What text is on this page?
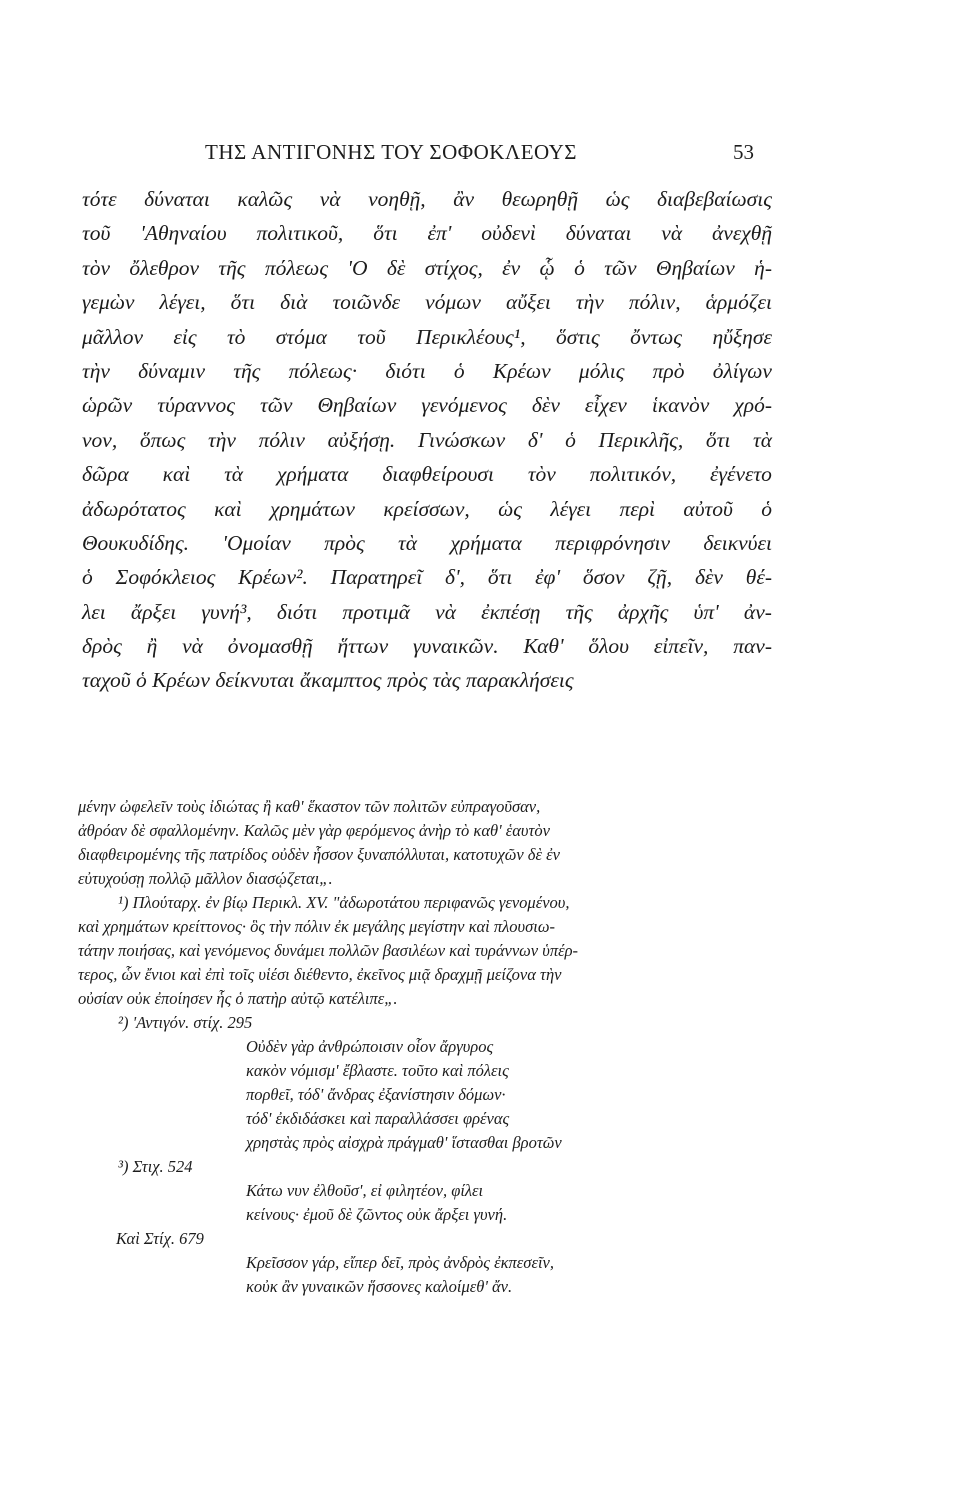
ΤΗΣ ΑΝΤΙΓΟΝΗΣ ΤΟΥ ΣΟΦΟΚΛΕΟΥΣ	53
τότε δύναται καλῶς νὰ νοηθῇ, ἂν θεωρηθῇ ὡς διαβεβαίωσις
τοῦ 'Αθηναίου πολιτικοῦ, ὅτι ἐπ' οὐδενὶ δύναται νὰ ἀνεχθῇ
τὸν ὄλεθρον τῆς πόλεως 'Ο δὲ στίχος, ἐν ᾧ ὁ τῶν Θηβαίων ἡ-
γεμὼν λέγει, ὅτι διὰ τοιῶνδε νόμων αὔξει τὴν πόλιν, ἁρμόζει
μᾶλλον εἰς τὸ στόμα τοῦ Περικλέους¹, ὅστις ὄντως ηὔξησε
τὴν δύναμιν τῆς πόλεως· διότι ὁ Κρέων μόλις πρὸ ὀλίγων
ὡρῶν τύραννος τῶν Θηβαίων γενόμενος δὲν εἶχεν ἱκανὸν χρό-
νον, ὅπως τὴν πόλιν αὐξήσῃ. Γινώσκων δ' ὁ Περικλῆς, ὅτι τὰ
δῶρα καὶ τὰ χρήματα διαφθείρουσι τὸν πολιτικόν, ἐγένετο
ἀδωρότατος καὶ χρημάτων κρείσσων, ὡς λέγει περὶ αὐτοῦ ὁ
Θουκυδίδης. 'Ομοίαν πρὸς τὰ χρήματα περιφρόνησιν δεικνύει
ὁ Σοφόκλειος Κρέων². Παρατηρεῖ δ', ὅτι ἐφ' ὅσον ζῇ, δὲν θέ-
λει ἄρξει γυνή³, διότι προτιμᾶ νὰ ἐκπέσῃ τῆς ἀρχῆς ὑπ' ἀν-
δρὸς ἢ νὰ ὀνομασθῇ ἥττων γυναικῶν. Καθ' ὅλου εἰπεῖν, παν-
ταχοῦ ὁ Κρέων δείκνυται ἄκαμπτος πρὸς τὰς παρακλήσεις
μένην ὠφελεῖν τοὺς ἰδιώτας ἢ καθ' ἕκαστον τῶν πολιτῶν εὐπραγοῦσαν,
ἀθρόαν δὲ σφαλλομένην. Καλῶς μὲν γὰρ φερόμενος ἀνὴρ τὸ καθ' ἑαυτὸν
διαφθειρομένης τῆς πατρίδος οὐδὲν ἧσσον ξυναπόλλυται, κατοτυχῶν δὲ ἐν
εὐτυχούσῃ πολλῷ μᾶλλον διασῴζεται„.
¹) Πλούταρχ. ἐν βίῳ Περικλ. XV. "ἀδωροτάτου περιφανῶς γενομένου,
καὶ χρημάτων κρείττονος· ὃς τὴν πόλιν ἐκ μεγάλης μεγίστην καὶ πλουσιω-
τάτην ποιήσας, καὶ γενόμενος δυνάμει πολλῶν βασιλέων καὶ τυράννων ὑπέρ-
τερος, ὧν ἔνιοι καὶ ἐπὶ τοῖς υἱέσι διέθεντο, ἐκεῖνος μιᾷ δραχμῇ μείζονα τὴν
οὐσίαν οὐκ ἐποίησεν ἧς ὁ πατὴρ αὐτῷ κατέλιπε„.
²) 'Αντιγόν. στίχ. 295
Οὐδὲν γὰρ ἀνθρώποισιν οἷον ἄργυρος
κακὸν νόμισμ' ἔβλαστε. τοῦτο καὶ πόλεις
πορθεῖ, τόδ' ἄνδρας ἐξανίστησιν δόμων·
τόδ' ἐκδιδάσκει καὶ παραλλάσσει φρένας
χρηστὰς πρὸς αἰσχρὰ πράγμαθ' ἵστασθαι βροτῶν
³) Στιχ. 524
Κάτω νυν ἐλθοῦσ', εἰ φιλητέον, φίλει
κείνους· ἐμοῦ δὲ ζῶντος οὐκ ἄρξει γυνή.
Καὶ Στίχ. 679
Κρεῖσσον γάρ, εἴπερ δεῖ, πρὸς ἀνδρὸς ἐκπεσεῖν,
κοὐκ ἂν γυναικῶν ἥσσονες καλοίμεθ' ἄν.
